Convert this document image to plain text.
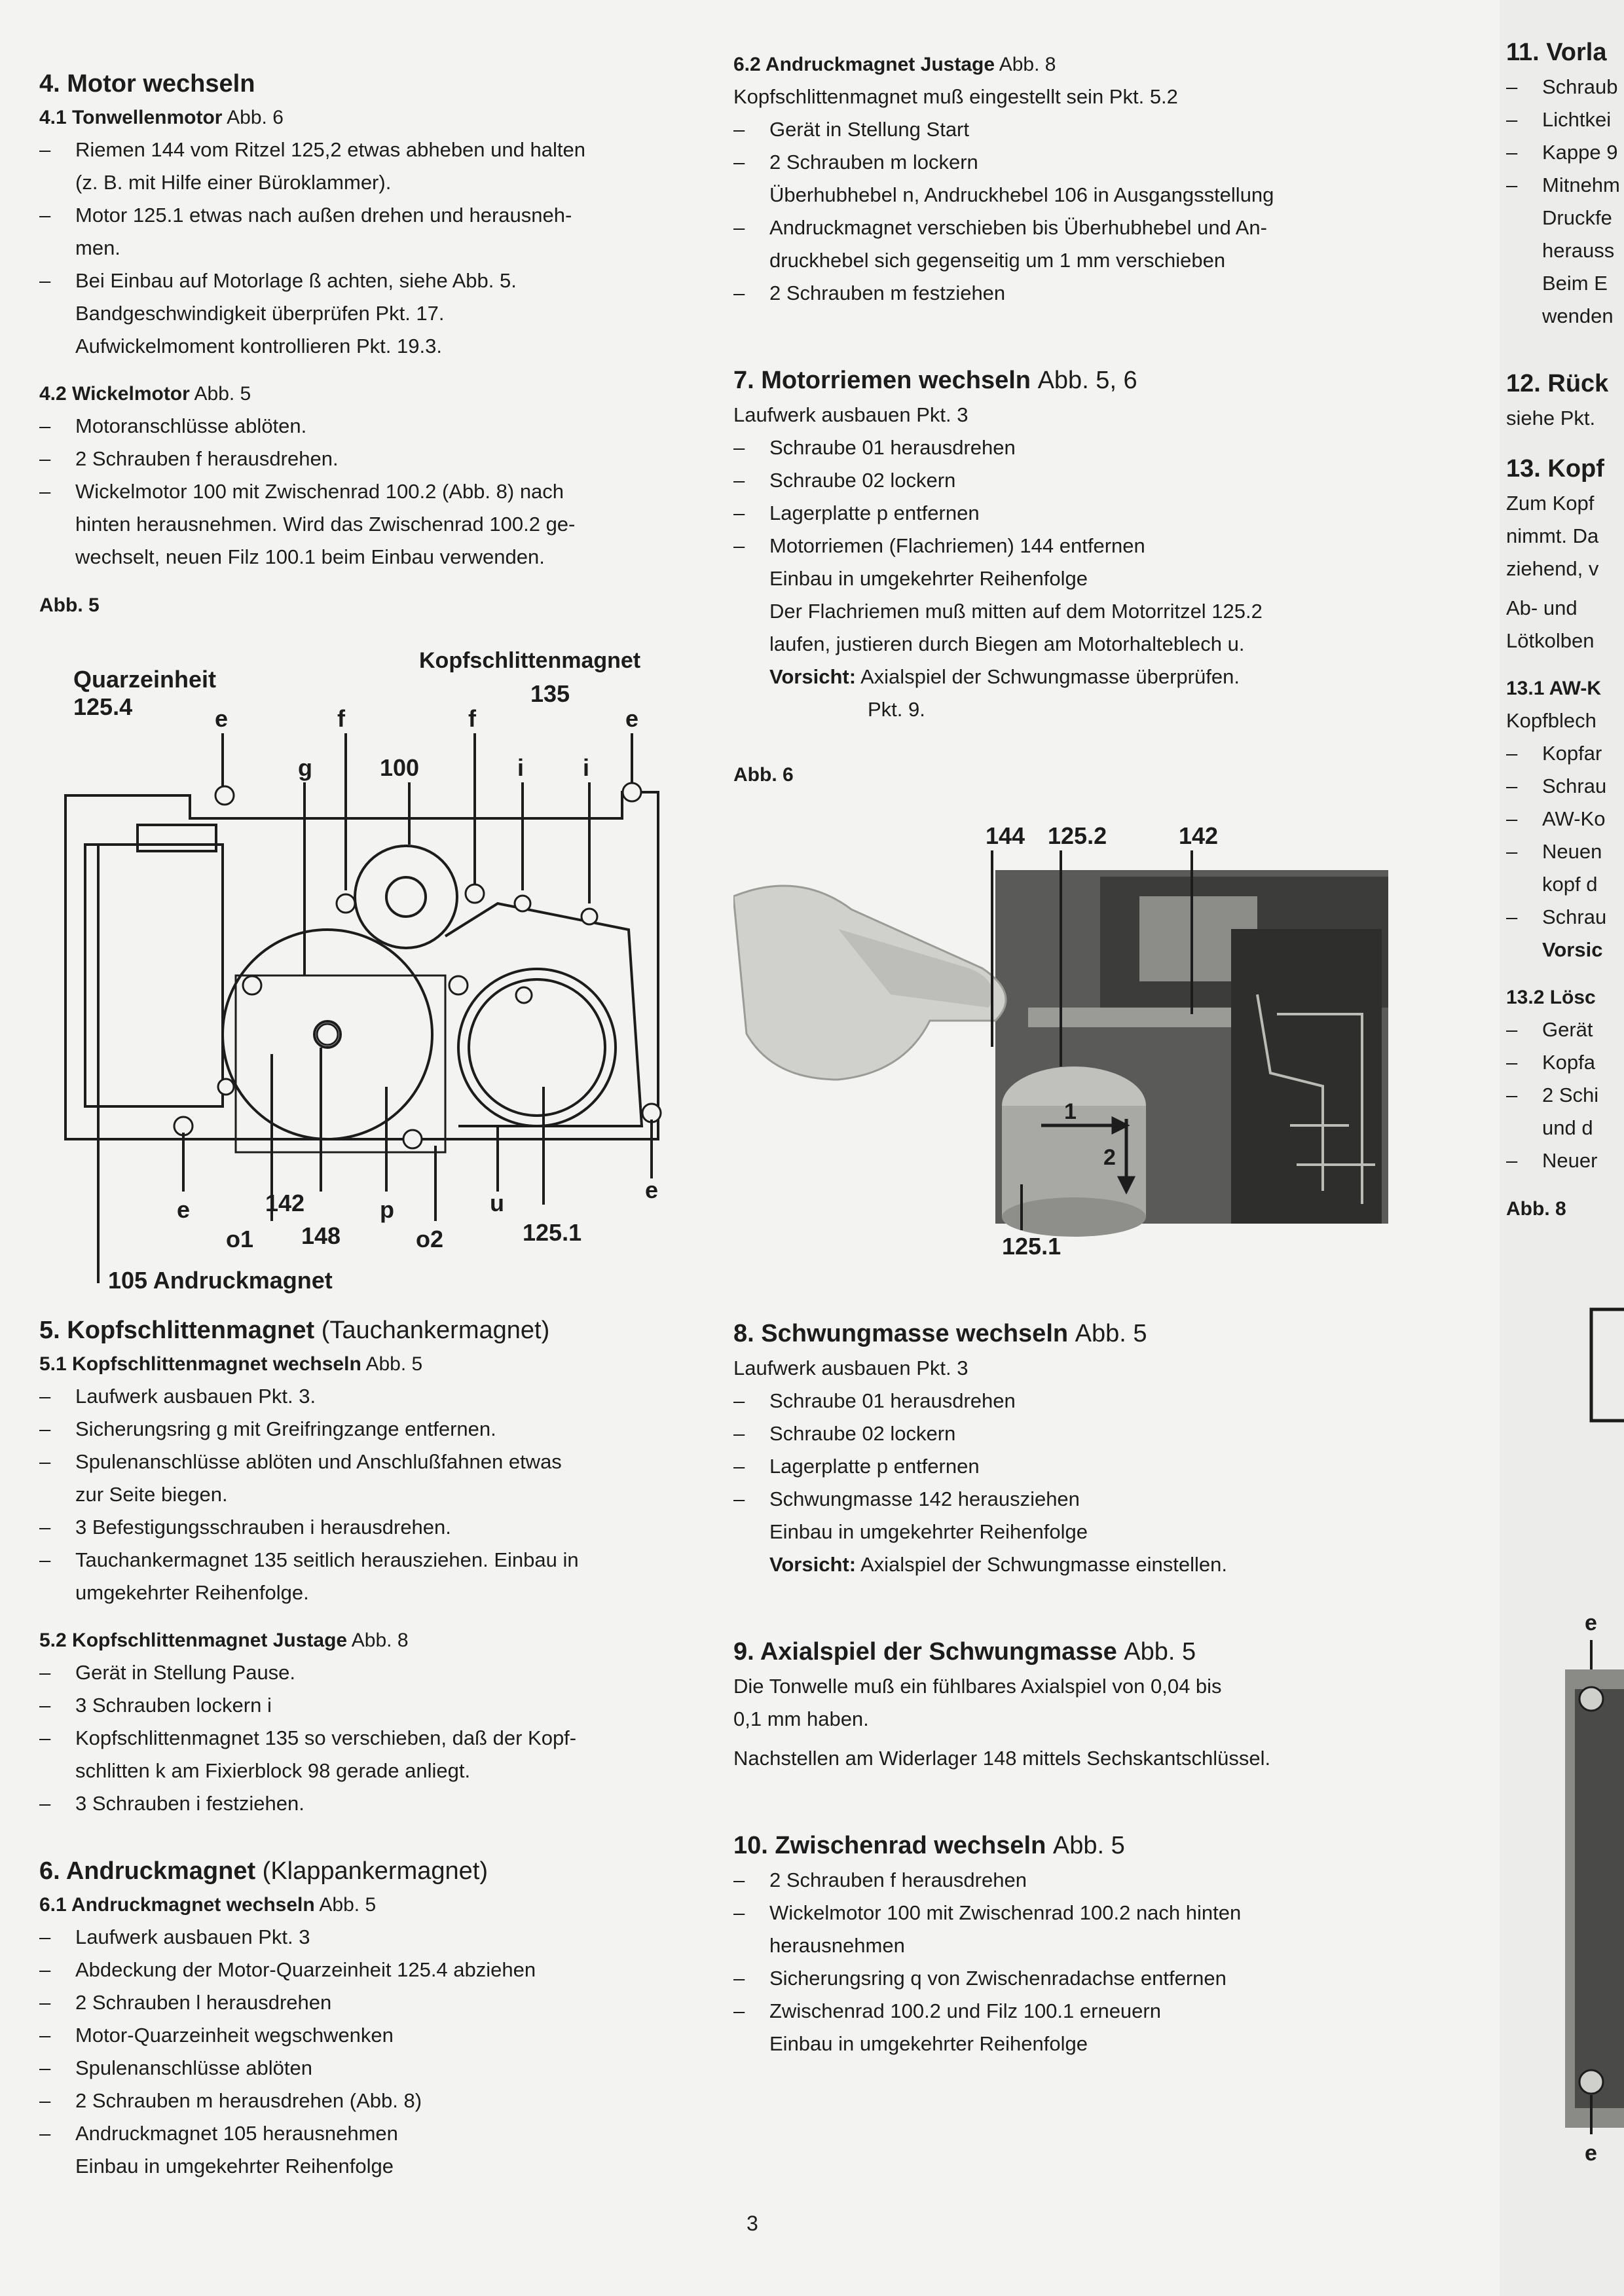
4. Motor wechseln

4.1 Tonwellenmotor Abb. 6

– Riemen 144 vom Ritzel 125,2 etwas abheben und halten
(z. B. mit Hilfe einer Büroklammer).

– Motor 125.1 etwas nach außen drehen und herausneh-
men.

– Bei Einbau auf Motorlage ß achten, siehe Abb. 5.
Bandgeschwindigkeit überprüfen Pkt. 17.
Aufwickelmoment kontrollieren Pkt. 19.3.

4.2 Wickelmotor Abb. 5

– Motoranschlüsse ablöten.

– 2 Schrauben f herausdrehen.

– Wickelmotor 100 mit Zwischenrad 100.2 (Abb. 8) nach
hinten herausnehmen. Wird das Zwischenrad 100.2 ge-
wechselt, neuen Filz 100.1 beim Einbau verwenden.

Abb. 5

Quarzeinheit
125.4
Kopfschlittenmagnet
135
e	f	f	e
g	100	i i
e	142
o1 148
p
o2
u
125.1
e
105 Andruckmagnet

5. Kopfschlittenmagnet (Tauchankermagnet)

5.1 Kopfschlittenmagnet wechseln Abb. 5

– Laufwerk ausbauen Pkt. 3.

– Sicherungsring g mit Greifringzange entfernen.

– Spulenanschlüsse ablöten und Anschlußfahnen etwas
zur Seite biegen.

– 3 Befestigungsschrauben i herausdrehen.

– Tauchankermagnet 135 seitlich herausziehen. Einbau in
umgekehrter Reihenfolge.

5.2 Kopfschlittenmagnet Justage Abb. 8

– Gerät in Stellung Pause.

– 3 Schrauben lockern i

– Kopfschlittenmagnet 135 so verschieben, daß der Kopf-
schlitten k am Fixierblock 98 gerade anliegt.

– 3 Schrauben i festziehen.

6. Andruckmagnet (Klappankermagnet)

6.1 Andruckmagnet wechseln Abb. 5

– Laufwerk ausbauen Pkt. 3

– Abdeckung der Motor-Quarzeinheit 125.4 abziehen

– 2 Schrauben l herausdrehen

– Motor-Quarzeinheit wegschwenken

– Spulenanschlüsse ablöten

– 2 Schrauben m herausdrehen (Abb. 8)

– Andruckmagnet 105 herausnehmen
Einbau in umgekehrter Reihenfolge

6.2 Andruckmagnet Justage Abb. 8

Kopfschlittenmagnet muß eingestellt sein Pkt. 5.2

– Gerät in Stellung Start

– 2 Schrauben m lockern
Überhubhebel n, Andruckhebel 106 in Ausgangsstellung

– Andruckmagnet verschieben bis Überhubhebel und An-
druckhebel sich gegenseitig um 1 mm verschieben

– 2 Schrauben m festziehen

7. Motorriemen wechseln Abb. 5, 6

Laufwerk ausbauen Pkt. 3

– Schraube 01 herausdrehen

– Schraube 02 lockern

– Lagerplatte p entfernen

– Motorriemen (Flachriemen) 144 entfernen
Einbau in umgekehrter Reihenfolge
Der Flachriemen muß mitten auf dem Motorritzel 125.2
laufen, justieren durch Biegen am Motorhalteblech u.

Vorsicht: Axialspiel der Schwungmasse überprüfen.
Pkt. 9.

Abb. 6

144 125.2	142
1
2
125.1

8. Schwungmasse wechseln Abb. 5

Laufwerk ausbauen Pkt. 3

– Schraube 01 herausdrehen

– Schraube 02 lockern

– Lagerplatte p entfernen

– Schwungmasse 142 herausziehen
Einbau in umgekehrter Reihenfolge

Vorsicht: Axialspiel der Schwungmasse einstellen.

9. Axialspiel der Schwungmasse Abb. 5

Die Tonwelle muß ein fühlbares Axialspiel von 0,04 bis

0,1 mm haben.

Nachstellen am Widerlager 148 mittels Sechskantschlüssel.

10. Zwischenrad wechseln Abb. 5

– 2 Schrauben f herausdrehen

– Wickelmotor 100 mit Zwischenrad 100.2 nach hinten
herausnehmen

– Sicherungsring q von Zwischenradachse entfernen

– Zwischenrad 100.2 und Filz 100.1 erneuern
Einbau in umgekehrter Reihenfolge

11. Vorla

– Schraub

– Lichtkei

– Kappe 9

– Mitnehm

Druckfe

herauss

Beim E

wenden

12. Rück

siehe Pkt.

13. Kopf

Zum Kopf

nimmt. Da

ziehend, v

Ab- und

Lötkolben

13.1 AW-K

Kopfblech

– Kopfar

– Schrau

– AW-Ko

– Neuen

kopf d

– Schrau

Vorsic

13.2 Lösc

– Gerät

– Kopfa

– 2 Schi

und d

– Neuer

Abb. 8

e
e
3
